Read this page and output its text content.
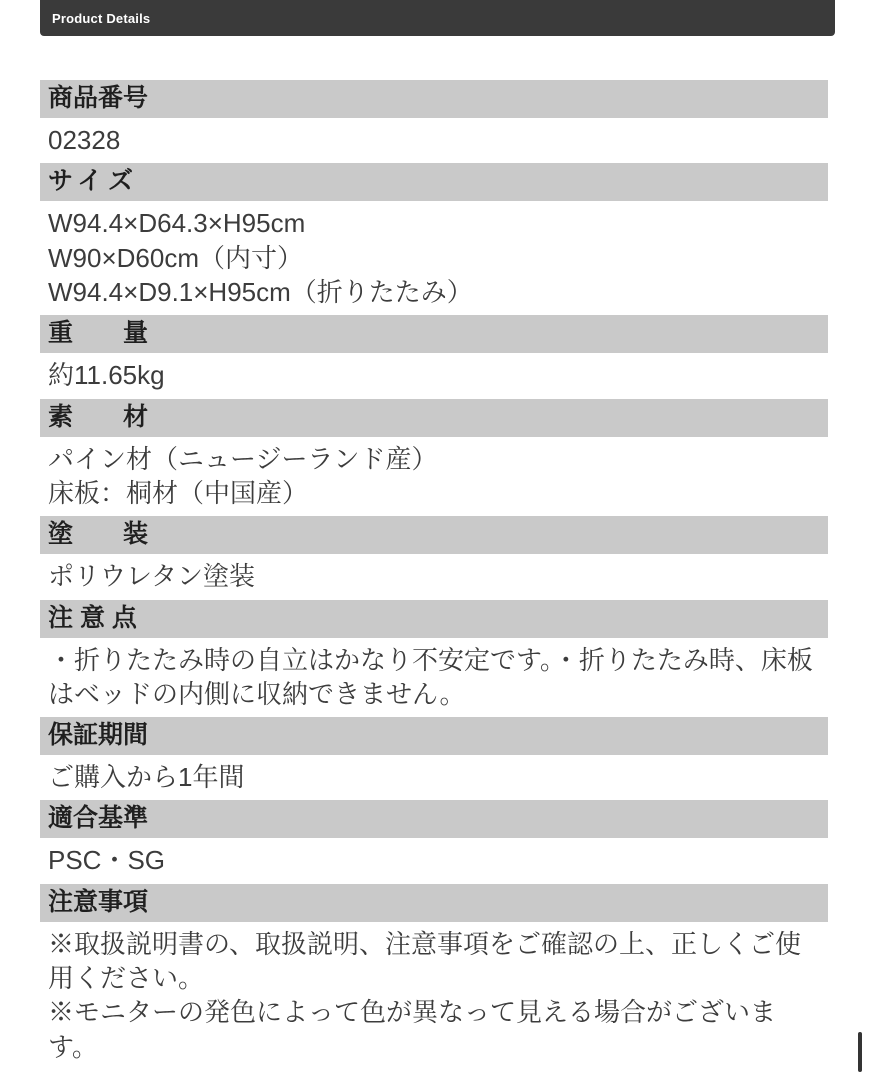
Product Details
商品番号
02328
サイズ
W94.4×D64.3×H95cm
W90×D60cm（内寸）
W94.4×D9.1×H95cm（折りたたみ）
重　　量
約11.65kg
素　　材
パイン材（ニュージーランド産）
床板：桐材（中国産）
塗　　装
ポリウレタン塗装
注 意 点
・折りたたみ時の自立はかなり不安定です。・折りたたみ時、床板はベッドの内側に収納できません。
保証期間
ご購入から1年間
適合基準
PSC・SG
注意事項
※取扱説明書の、取扱説明、注意事項をご確認の上、正しくご使用ください。
※モニターの発色によって色が異なって見える場合がございます。
